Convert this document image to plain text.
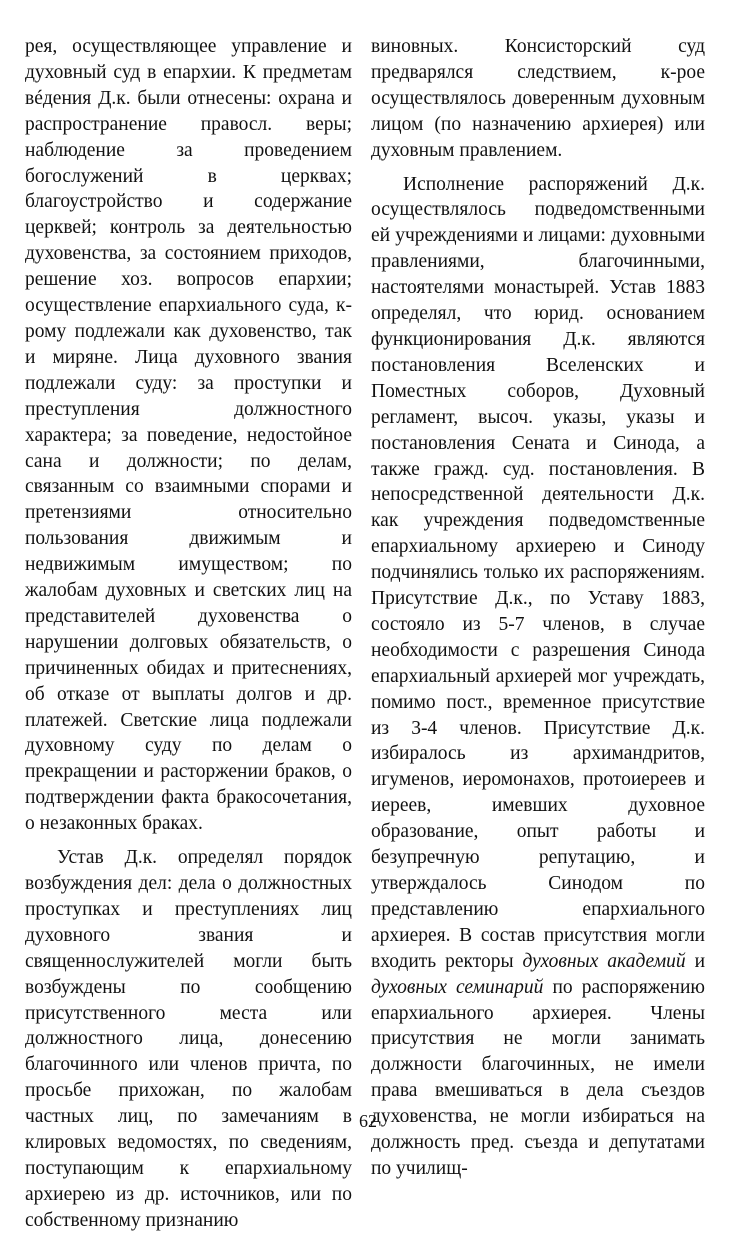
рея, осуществляющее управление и духовный суд в епархии. К предметам вéдения Д.к. были отнесены: охрана и распространение правосл. веры; наблюдение за проведением богослужений в церквах; благоустройство и содержание церквей; контроль за деятельностью духовенства, за состоянием приходов, решение хоз. вопросов епархии; осуществление епархиального суда, к-рому подлежали как духовенство, так и миряне. Лица духовного звания подлежали суду: за проступки и преступления должностного характера; за поведение, недостойное сана и должности; по делам, связанным со взаимными спорами и претензиями относительно пользования движимым и недвижимым имуществом; по жалобам духовных и светских лиц на представителей духовенства о нарушении долговых обязательств, о причиненных обидах и притеснениях, об отказе от выплаты долгов и др. платежей. Светские лица подлежали духовному суду по делам о прекращении и расторжении браков, о подтверждении факта бракосочетания, о незаконных браках.

Устав Д.к. определял порядок возбуждения дел: дела о должностных проступках и преступлениях лиц духовного звания и священнослужителей могли быть возбуждены по сообщению присутственного места или должностного лица, донесению благочинного или членов причта, по просьбе прихожан, по жалобам частных лиц, по замечаниям в клировых ведомостях, по сведениям, поступающим к епархиальному архиерею из др. источников, или по собственному признанию

виновных. Консисторский суд предварялся следствием, к-рое осуществлялось доверенным духовным лицом (по назначению архиерея) или духовным правлением.

Исполнение распоряжений Д.к. осуществлялось подведомственными ей учреждениями и лицами: духовными правлениями, благочинными, настоятелями монастырей. Устав 1883 определял, что юрид. основанием функционирования Д.к. являются постановления Вселенских и Поместных соборов, Духовный регламент, высоч. указы, указы и постановления Сената и Синода, а также гражд. суд. постановления. В непосредственной деятельности Д.к. как учреждения подведомственные епархиальному архиерею и Синоду подчинялись только их распоряжениям. Присутствие Д.к., по Уставу 1883, состояло из 5-7 членов, в случае необходимости с разрешения Синода епархиальный архиерей мог учреждать, помимо пост., временное присутствие из 3-4 членов. Присутствие Д.к. избиралось из архимандритов, игуменов, иеромонахов, протоиереев и иереев, имевших духовное образование, опыт работы и безупречную репутацию, и утверждалось Синодом по представлению епархиального архиерея. В состав присутствия могли входить ректоры духовных академий и духовных семинарий по распоряжению епархиального архиерея. Члены присутствия не могли занимать должности благочинных, не имели права вмешиваться в дела съездов духовенства, не могли избираться на должность пред. съезда и депутатами по училищ-

62
